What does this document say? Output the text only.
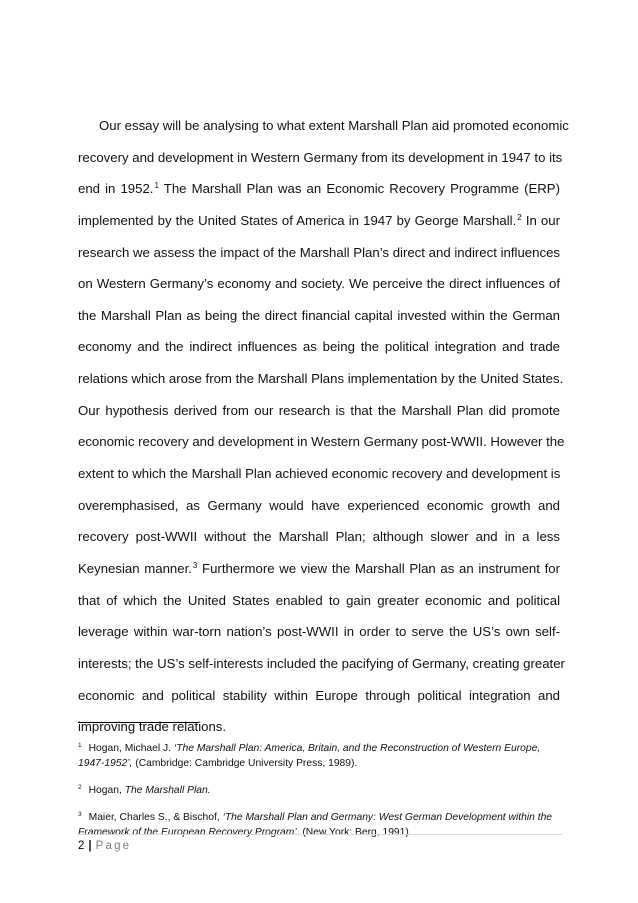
Our essay will be analysing to what extent Marshall Plan aid promoted economic
recovery and development in Western Germany from its development in 1947 to its
end in 1952.$^1$ The Marshall Plan was an Economic Recovery Programme (ERP)
implemented by the United States of America in 1947 by George Marshall.$^2$ In our
research we assess the impact of the Marshall Plan’s direct and indirect influences
on Western Germany’s economy and society. We perceive the direct influences of
the Marshall Plan as being the direct financial capital invested within the German
economy and the indirect influences as being the political integration and trade
relations which arose from the Marshall Plans implementation by the United States.
Our hypothesis derived from our research is that the Marshall Plan did promote
economic recovery and development in Western Germany post-WWII. However the
extent to which the Marshall Plan achieved economic recovery and development is
overemphasised, as Germany would have experienced economic growth and
recovery post-WWII without the Marshall Plan; although slower and in a less
Keynesian manner.$^3$ Furthermore we view the Marshall Plan as an instrument for
that of which the United States enabled to gain greater economic and political
leverage within war-torn nation’s post-WWII in order to serve the US’s own self-
interests; the US’s self-interests included the pacifying of Germany, creating greater
economic and political stability within Europe through political integration and
improving trade relations.
$^1$ Hogan, Michael J. ‘The Marshall Plan: America, Britain, and the Reconstruction of Western Europe, 1947-1952’, (Cambridge: Cambridge University Press, 1989).
$^2$ Hogan, The Marshall Plan.
$^3$ Maier, Charles S., & Bischof, ‘The Marshall Plan and Germany: West German Development within the Framework of the European Recovery Program’. (New York: Berg, 1991).
2 | Page
